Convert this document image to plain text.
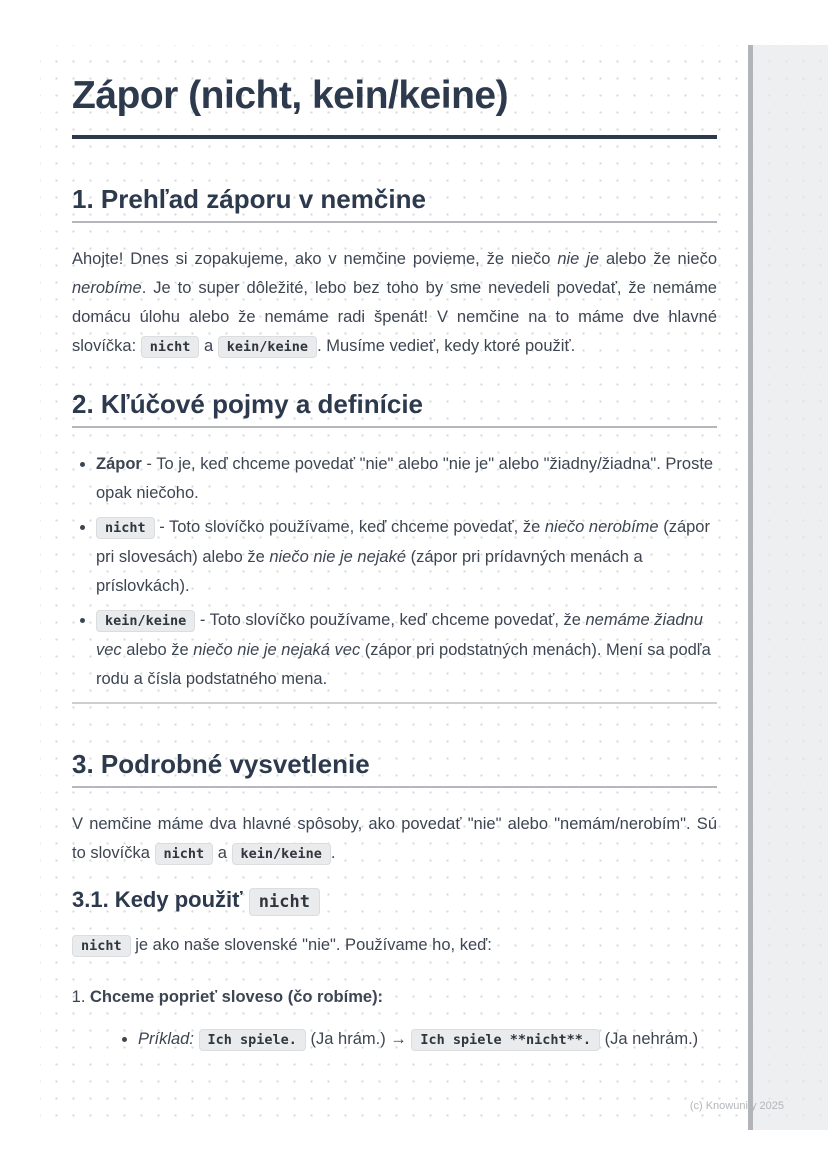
Zápor (nicht, kein/keine)
1. Prehľad záporu v nemčine

Ahojte! Dnes si zopakujeme, ako v nemčine povieme, že niečo nie je alebo že niečo nerobíme. Je to super dôležité, lebo bez toho by sme nevedeli povedať, že nemáme domácu úlohu alebo že nemáme radi špenát! V nemčine na to máme dve hlavné slovíčka: nicht a kein/keine . Musíme vedieť, kedy ktoré použiť.

2. Kľúčové pojmy a definície
• Zápor - To je, keď chceme povedať "nie" alebo "nie je" alebo "žiadny/žiadna". Proste opak niečoho.
• nicht - Toto slovíčko používame, keď chceme povedať, že niečo nerobíme (zápor pri slovesách) alebo že niečo nie je nejaké (zápor pri prídavných menách a príslovkách).
• kein/keine - Toto slovíčko používame, keď chceme povedať, že nemáme žiadnu vec alebo že niečo nie je nejaká vec (zápor pri podstatných menách). Mení sa podľa rodu a čísla podstatného mena.
3. Podrobné vysvetlenie

V nemčine máme dva hlavné spôsoby, ako povedať "nie" alebo "nemám/nerobím". Sú to slovíčka nicht a kein/keine .

3.1. Kedy použiť nicht

nicht je ako naše slovenské "nie". Používame ho, keď:

1. Chceme poprieť sloveso (čo robíme):
• Príklad: Ich spiele. (Ja hrám.) → Ich spiele **nicht**. (Ja nehrám.)
(c) Knowunity 2025
